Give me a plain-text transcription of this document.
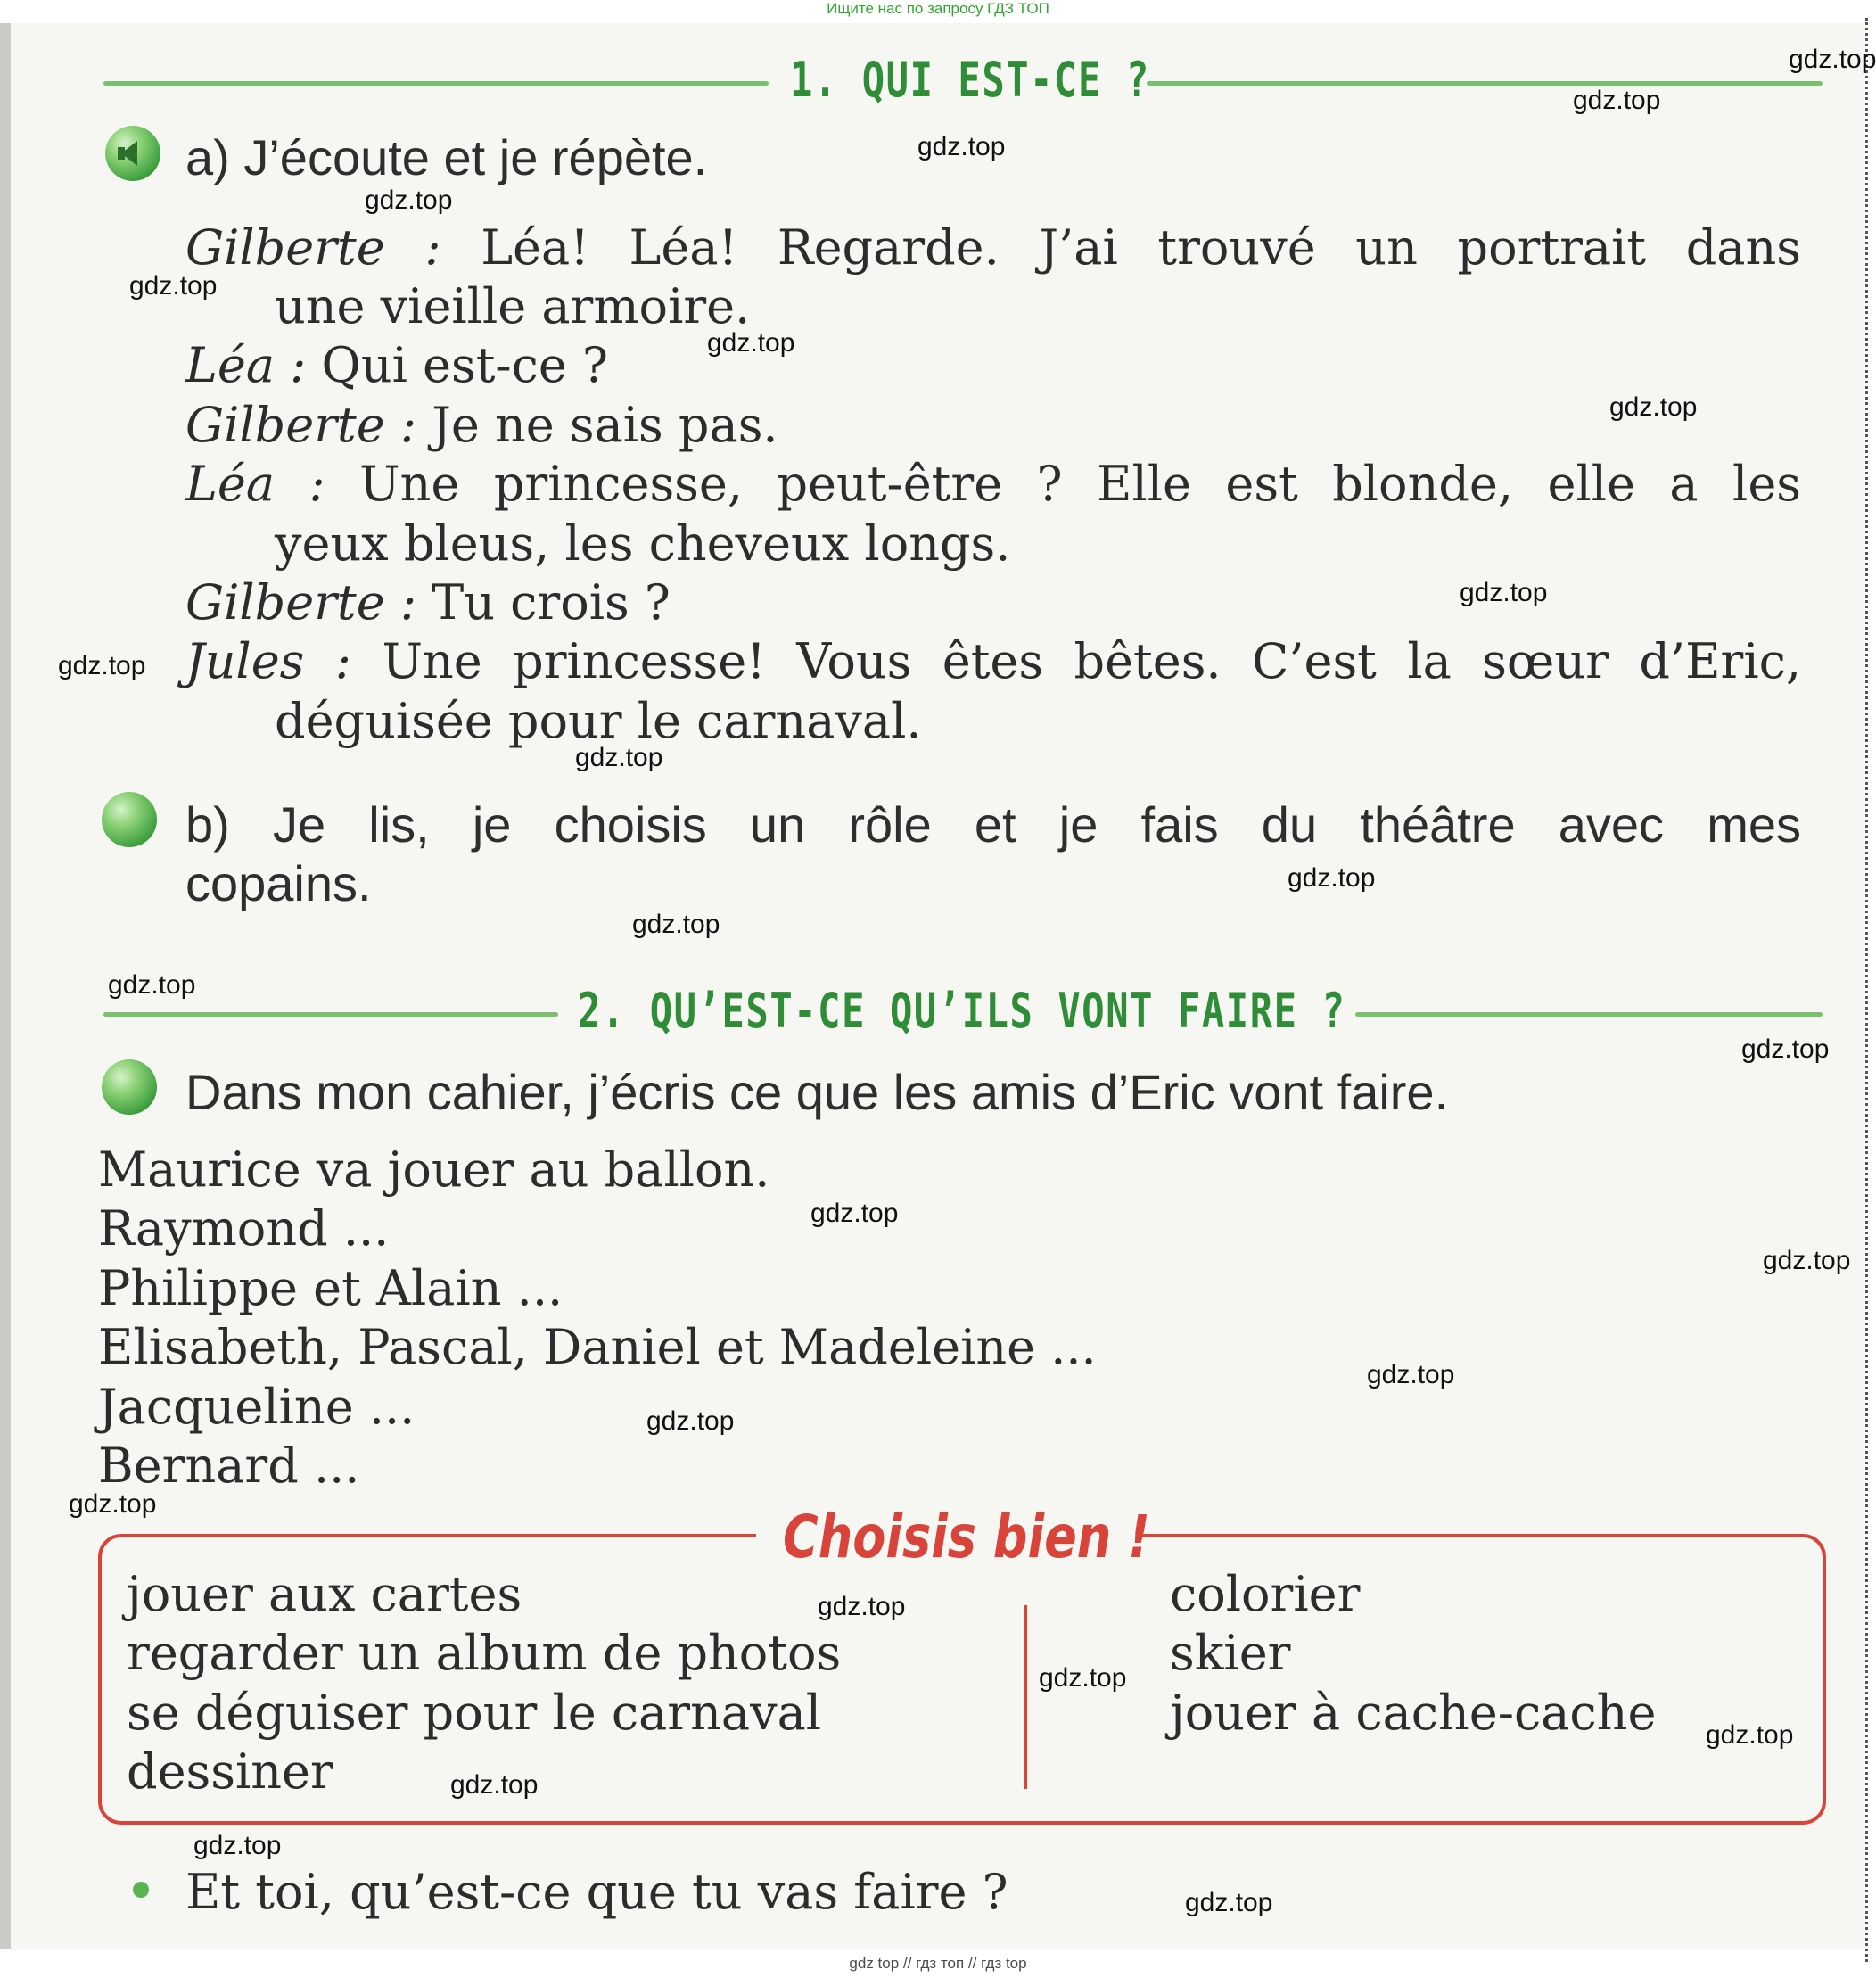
Ищите нас по запросу ГДЗ ТОП
1. QUI EST-CE ?
a) J’écoute et je répète.
Gilberte : Léa! Léa! Regarde. J’ai trouvé un portrait dans
une vieille armoire.
Léa : Qui est-ce ?
Gilberte : Je ne sais pas.
Léa : Une princesse, peut-être ? Elle est blonde, elle a les
yeux bleus, les cheveux longs.
Gilberte : Tu crois ?
Jules : Une princesse! Vous êtes bêtes. C’est la sœur d’Eric,
déguisée pour le carnaval.
b) Je lis, je choisis un rôle et je fais du théâtre avec mes
copains.
2. QU’EST-CE QU’ILS VONT FAIRE ?
Dans mon cahier, j’écris ce que les amis d’Eric vont faire.
Maurice va jouer au ballon.
Raymond ...
Philippe et Alain ...
Elisabeth, Pascal, Daniel et Madeleine ...
Jacqueline ...
Bernard ...
Choisis bien !
jouer aux cartes
regarder un album de photos
se déguiser pour le carnaval
dessiner
colorier
skier
jouer à cache-cache
Et toi, qu’est-ce que tu vas faire ?
gdz.top
gdz.top
gdz.top
gdz.top
gdz.top
gdz.top
gdz.top
gdz.top
gdz.top
gdz.top
gdz.top
gdz.top
gdz.top
gdz.top
gdz.top
gdz.top
gdz.top
gdz.top
gdz.top
gdz.top
gdz.top
gdz.top
gdz.top
gdz.top
gdz.top
gdz top // гдз топ // гдз top
